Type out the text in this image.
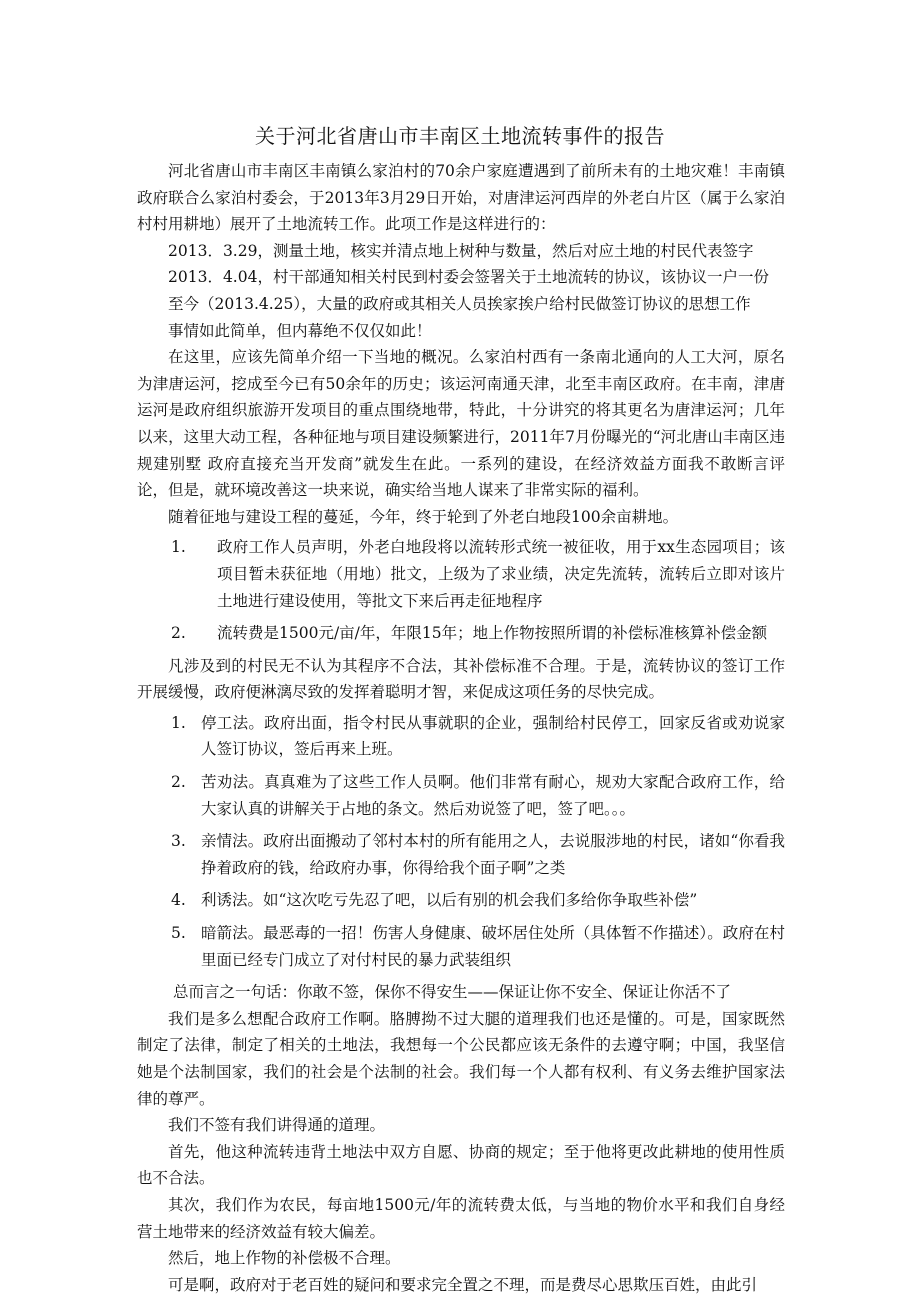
关于河北省唐山市丰南区土地流转事件的报告

河北省唐山市丰南区丰南镇么家泊村的70余户家庭遭遇到了前所未有的土地灾难！丰南镇政府联合么家泊村委会，于2013年3月29日开始，对唐津运河西岸的外老白片区（属于么家泊村村用耕地）展开了土地流转工作。此项工作是这样进行的：

2013．3.29，测量土地，核实并清点地上树种与数量，然后对应土地的村民代表签字

2013．4.04，村干部通知相关村民到村委会签署关于土地流转的协议，该协议一户一份

至今（2013.4.25），大量的政府或其相关人员挨家挨户给村民做签订协议的思想工作

事情如此简单，但内幕绝不仅仅如此！

在这里，应该先简单介绍一下当地的概况。么家泊村西有一条南北通向的人工大河，原名为津唐运河，挖成至今已有50余年的历史；该运河南通天津，北至丰南区政府。在丰南，津唐运河是政府组织旅游开发项目的重点围绕地带，特此，十分讲究的将其更名为唐津运河；几年以来，这里大动工程，各种征地与项目建设频繁进行，2011年7月份曝光的“河北唐山丰南区违规建别墅 政府直接充当开发商”就发生在此。一系列的建设，在经济效益方面我不敢断言评论，但是，就环境改善这一块来说，确实给当地人谋来了非常实际的福利。

随着征地与建设工程的蔓延，今年，终于轮到了外老白地段100余亩耕地。

1. 政府工作人员声明，外老白地段将以流转形式统一被征收，用于xx生态园项目；该项目暂未获征地（用地）批文，上级为了求业绩，决定先流转，流转后立即对该片土地进行建设使用，等批文下来后再走征地程序
2. 流转费是1500元/亩/年，年限15年；地上作物按照所谓的补偿标准核算补偿金额

凡涉及到的村民无不认为其程序不合法，其补偿标准不合理。于是，流转协议的签订工作开展缓慢，政府便淋漓尽致的发挥着聪明才智，来促成这项任务的尽快完成。

1. 停工法。政府出面，指令村民从事就职的企业，强制给村民停工，回家反省或劝说家人签订协议，签后再来上班。
2. 苦劝法。真真难为了这些工作人员啊。他们非常有耐心，规劝大家配合政府工作，给大家认真的讲解关于占地的条文。然后劝说签了吧，签了吧。。。
3. 亲情法。政府出面搬动了邻村本村的所有能用之人，去说服涉地的村民，诸如“你看我挣着政府的钱，给政府办事，你得给我个面子啊”之类
4. 利诱法。如“这次吃亏先忍了吧，以后有别的机会我们多给你争取些补偿”
5. 暗箭法。最恶毒的一招！伤害人身健康、破坏居住处所（具体暂不作描述）。政府在村里面已经专门成立了对付村民的暴力武装组织

总而言之一句话：你敢不签，保你不得安生——保证让你不安全、保证让你活不了

我们是多么想配合政府工作啊。胳膊拗不过大腿的道理我们也还是懂的。可是，国家既然制定了法律，制定了相关的土地法，我想每一个公民都应该无条件的去遵守啊；中国，我坚信她是个法制国家，我们的社会是个法制的社会。我们每一个人都有权利、有义务去维护国家法律的尊严。

我们不签有我们讲得通的道理。

首先，他这种流转违背土地法中双方自愿、协商的规定；至于他将更改此耕地的使用性质也不合法。

其次，我们作为农民，每亩地1500元/年的流转费太低，与当地的物价水平和我们自身经营土地带来的经济效益有较大偏差。

然后，地上作物的补偿极不合理。

可是啊，政府对于老百姓的疑问和要求完全置之不理，而是费尽心思欺压百姓，由此引
